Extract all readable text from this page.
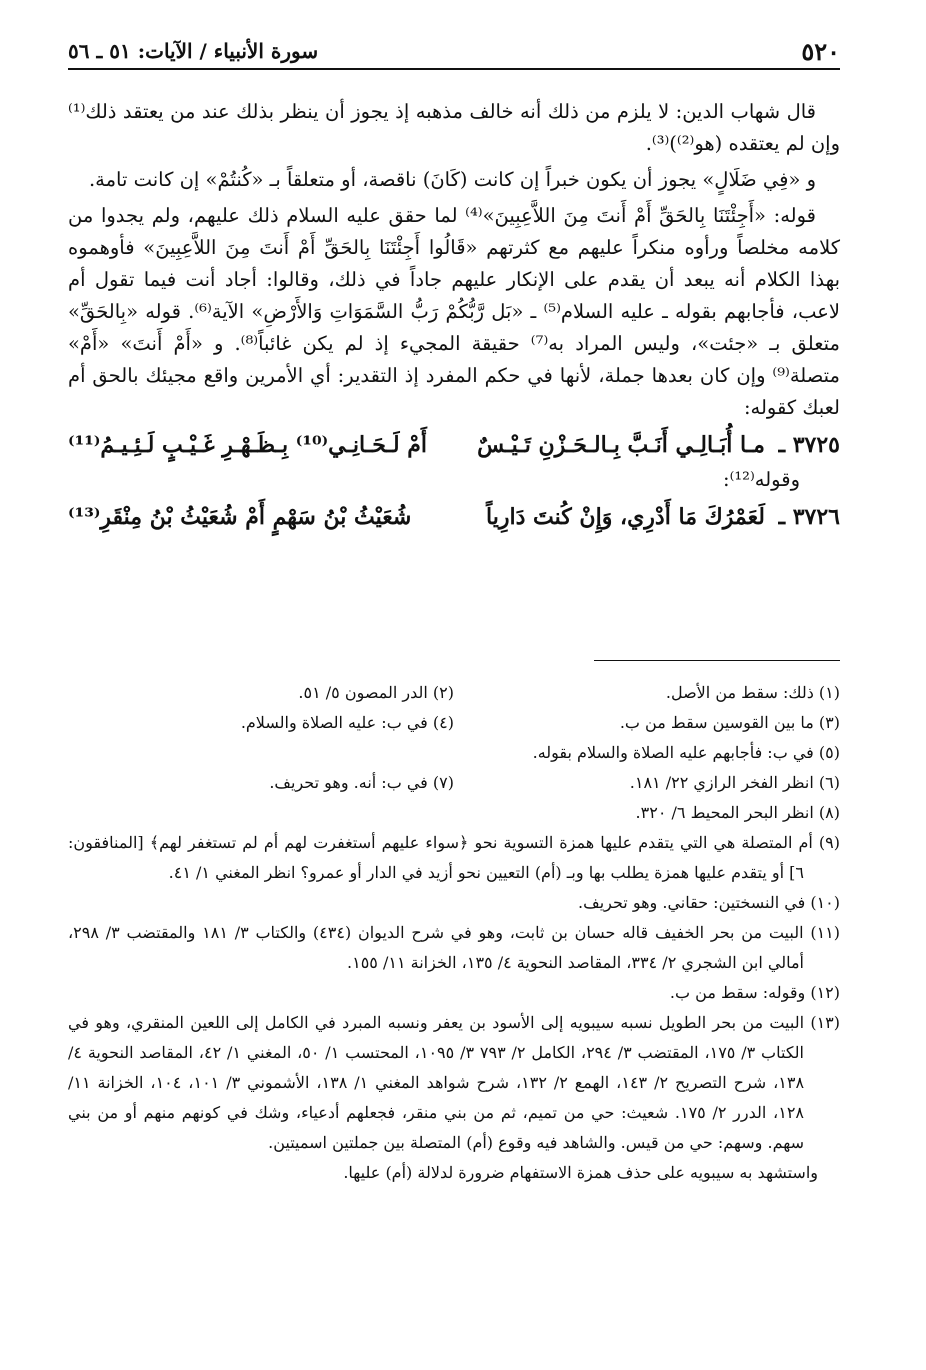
٥٢٠
سورة الأنبياء / الآيات: ٥١ ـ ٥٦

قال شهاب الدين: لا يلزم من ذلك أنه خالف مذهبه إذ يجوز أن ينظر بذلك عند من يعتقد ذلك⁽¹⁾ وإن لم يعتقده (هو⁽²⁾)⁽³⁾.

و «فِي ضَلَالٍ» يجوز أن يكون خبراً إن كانت (كَانَ) ناقصة، أو متعلقاً بـ «كُنتُمْ» إن كانت تامة.

قوله: «أَجِئْتَنَا بِالحَقِّ أَمْ أَنتَ مِنَ اللاَّعِبِينَ»⁽⁴⁾ لما حقق عليه السلام ذلك عليهم، ولم يجدوا من كلامه مخلصاً ورأوه منكراً عليهم مع كثرتهم «قَالُوا أَجِئْتَنَا بِالحَقِّ أَمْ أَنتَ مِنَ اللاَّعِبِينَ» فأوهموه بهذا الكلام أنه يبعد أن يقدم على الإنكار عليهم جاداً في ذلك، وقالوا: أجاد أنت فيما تقول أم لاعب، فأجابهم بقوله ـ عليه السلام⁽⁵⁾ ـ «بَل رَّبُّكُمْ رَبُّ السَّمَوَاتِ وَالأَرْضِ» الآية⁽⁶⁾. قوله «بِالحَقِّ» متعلق بـ «جئت»، وليس المراد به⁽⁷⁾ حقيقة المجيء إذ لم يكن غائباً⁽⁸⁾. و «أَمْ أَنتَ» «أَمْ» متصلة⁽⁹⁾ وإن كان بعدها جملة، لأنها في حكم المفرد إذ التقدير: أي الأمرين واقع مجيئك بالحق أم لعبك كقوله:

٣٧٢٥ ـ مـا أُبَـالِـي أَنَـبَّ بِـالـحَـزْنِ تَـيْـسٌ
أَمْ لَـحَـانِـي⁽¹⁰⁾ بِـظَـهْـرِ غَـيْـبٍ لَـئِـيـمُ⁽¹¹⁾

وقوله⁽¹²⁾:

٣٧٢٦ ـ لَعَمْرُكَ مَا أَدْرِي، وَإِنْ كُنتَ دَارِياً
شُعَيْثُ بْنُ سَهْمٍ أَمْ شُعَيْثُ بْنُ مِنْقَرِ⁽¹³⁾

(١) ذلك: سقط من الأصل.

(٢) الدر المصون ٥/ ٥١.

(٣) ما بين القوسين سقط من ب.

(٤) في ب: عليه الصلاة والسلام.

(٥) في ب: فأجابهم عليه الصلاة والسلام بقوله.

(٦) انظر الفخر الرازي ٢٢/ ١٨١.

(٧) في ب: أنه. وهو تحريف.

(٨) انظر البحر المحيط ٦/ ٣٢٠.

(٩) أم المتصلة هي التي يتقدم عليها همزة التسوية نحو ﴿سواء عليهم أستغفرت لهم أم لم تستغفر لهم﴾ [المنافقون: ٦] أو يتقدم عليها همزة يطلب بها وبـ (أم) التعيين نحو أزيد في الدار أو عمرو؟ انظر المغني ١/ ٤١.

(١٠) في النسختين: حقاني. وهو تحريف.

(١١) البيت من بحر الخفيف قاله حسان بن ثابت، وهو في شرح الديوان (٤٣٤) والكتاب ٣/ ١٨١ والمقتضب ٣/ ٢٩٨، أمالي ابن الشجري ٢/ ٣٣٤، المقاصد النحوية ٤/ ١٣٥، الخزانة ١١/ ١٥٥.

(١٢) وقوله: سقط من ب.

(١٣) البيت من بحر الطويل نسبه سيبويه إلى الأسود بن يعفر ونسبه المبرد في الكامل إلى اللعين المنقري، وهو في الكتاب ٣/ ١٧٥، المقتضب ٣/ ٢٩٤، الكامل ٢/ ٧٩٣ ٣/ ١٠٩٥، المحتسب ١/ ٥٠، المغني ١/ ٤٢، المقاصد النحوية ٤/ ١٣٨، شرح التصريح ٢/ ١٤٣، الهمع ٢/ ١٣٢، شرح شواهد المغني ١/ ١٣٨، الأشموني ٣/ ١٠١، ١٠٤، الخزانة ١١/ ١٢٨، الدرر ٢/ ١٧٥. شعيث: حي من تميم، ثم من بني منقر، فجعلهم أدعياء، وشك في كونهم منهم أو من بني سهم. وسهم: حي من قيس. والشاهد فيه وقوع (أم) المتصلة بين جملتين اسميتين.

واستشهد به سيبويه على حذف همزة الاستفهام ضرورة لدلالة (أم) عليها.
